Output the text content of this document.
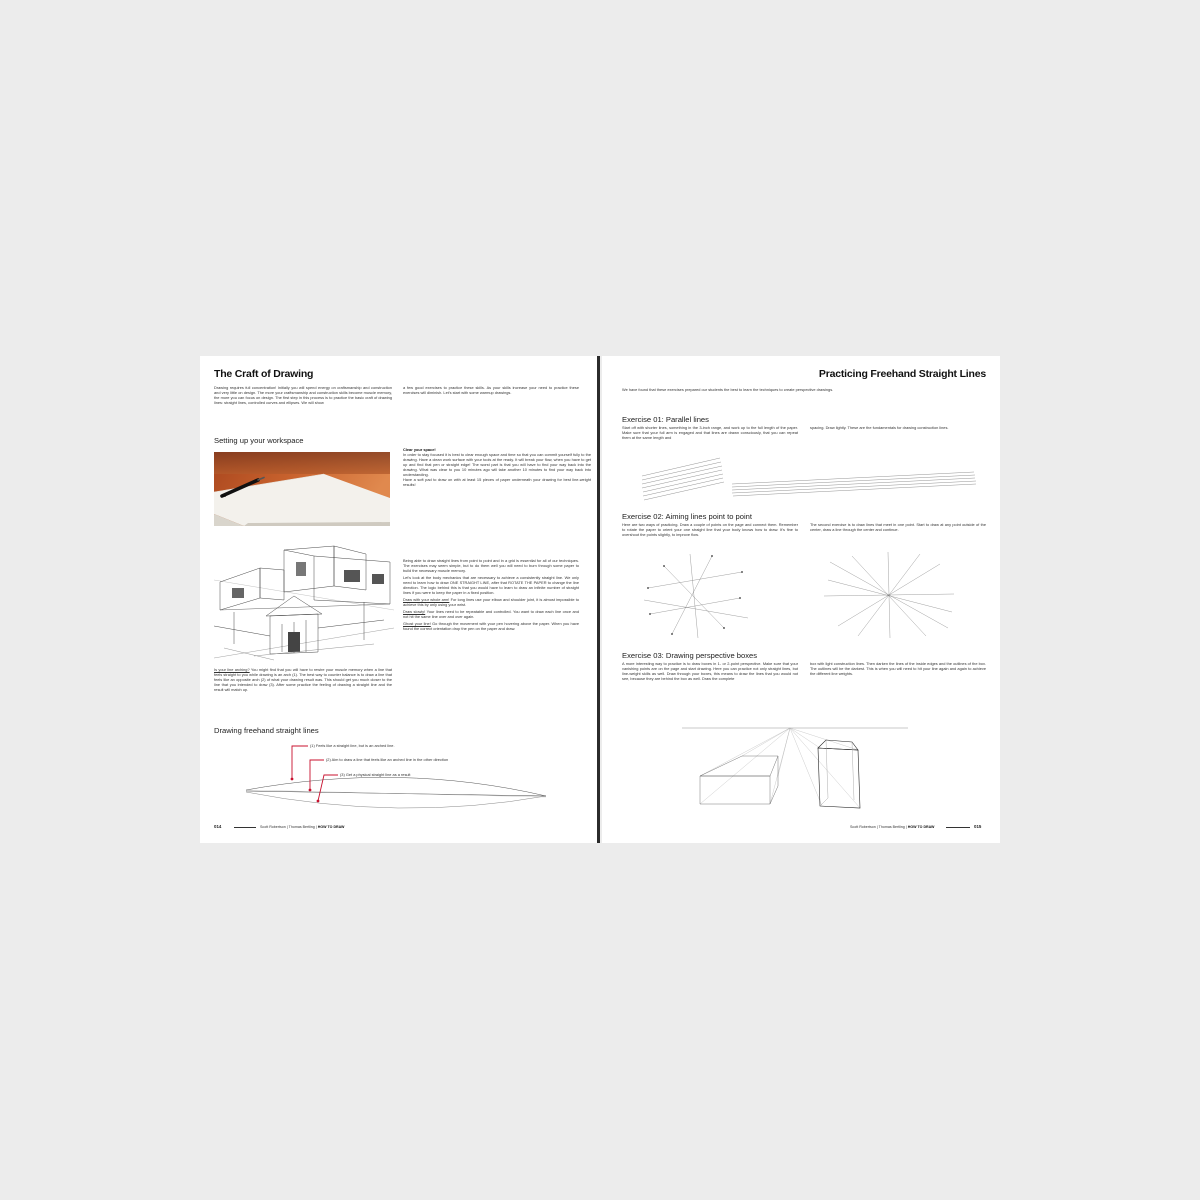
The Craft of Drawing
Drawing requires full concentration! Initially you will spend energy on craftsmanship and construction and very little on design. The more your craftsmanship and construction skills become muscle memory, the more you can focus on design. The first step in this process is to practice the basic craft of drawing lines: straight lines, controlled curves and ellipses. We will show
a few good exercises to practice these skills. As your skills increase your need to practice these exercises will diminish. Let's start with some warmup drawings.
Setting up your workspace

Clear your space!
In order to stay focused it is best to clear enough space and time so that you can commit yourself fully to the drawing. Have a clean work surface with your tools at the ready. It will break your flow, when you have to get up and find that pen or straight edge! The worst part is that you will have to find your way back into the drawing. What was clear to you 10 minutes ago will take another 10 minutes to find your way back into understanding.
Have a soft pad to draw on with at least 15 pieces of paper underneath your drawing for best line-weight results!

Being able to draw straight lines from point to point and in a grid is essential for all of our techniques. The exercises may seem simple, but to do them well you will need to burn through some paper to build the necessary muscle memory.

Let's look at the body mechanics that are necessary to achieve a consistently straight line. We only need to learn how to draw ONE STRAIGHT LINE, after that ROTATE THE PAPER to change the line direction. The logic behind this is that you would have to learn to draw an infinite number of straight lines if you were to keep the paper in a fixed position.

Draw with your whole arm! For long lines use your elbow and shoulder joint, it is almost impossible to achieve this by only using your wrist.

Draw slowly! Your lines need to be repeatable and controlled. You want to draw each line once and not hit the same line over and over again.

Ghost your line! Go through the movement with your pen hovering above the paper. When you have found the correct orientation drop the pen on the paper and draw.

Is your line arching? You might find that you will have to rewire your muscle memory when a line that feels straight to you while drawing is an arch (1). The best way to counter balance is to draw a line that feels like an opposite arch (2) of what your drawing result was. This should get you much closer to the line that you intended to draw (3). After some practice the feeling of drawing a straight line and the result will match up.

Drawing freehand straight lines
(1) Feels like a straight line, but is an arched line.
(2) Aim to draw a line that feels like an arched line in the other direction
(3) Get a physical straight line as a result
014	Scott Robertson | Thomas Bertling | HOW TO DRAW
Practicing Freehand Straight Lines
We have found that these exercises prepared our students the best to learn the techniques to create perspective drawings.
Exercise 01: Parallel lines
Start off with shorter lines, something in the 3-inch range, and work up to the full length of the paper. Make sure that your full arm is engaged and that lines are drawn consciously, that you can repeat them at the same length and
spacing. Draw lightly. These are the fundamentals for drawing construction lines.
Exercise 02: Aiming lines point to point
Here are two ways of practicing. Draw a couple of points on the page and connect them. Remember to rotate the paper to orient your one straight line that your body knows how to draw. It's fine to overshoot the points slightly, to improve flow.
The second exercise is to draw lines that meet in one point. Start to draw at any point outside of the center, draw a line through the center and continue.
Exercise 03: Drawing perspective boxes
A more interesting way to practice is to draw boxes in 1- or 2-point perspective. Make sure that your vanishing points are on the page and start drawing. Here you can practice not only straight lines, but line-weight skills as well. Draw through your boxes, this means to draw the lines that you would not see, because they are behind the box as well. Draw the complete
box with light construction lines. Then darken the lines of the inside edges and the outlines of the box. The outlines will be the darkest. This is when you will need to hit your line again and again to achieve the different line weights.
Scott Robertson | Thomas Bertling | HOW TO DRAW	015
